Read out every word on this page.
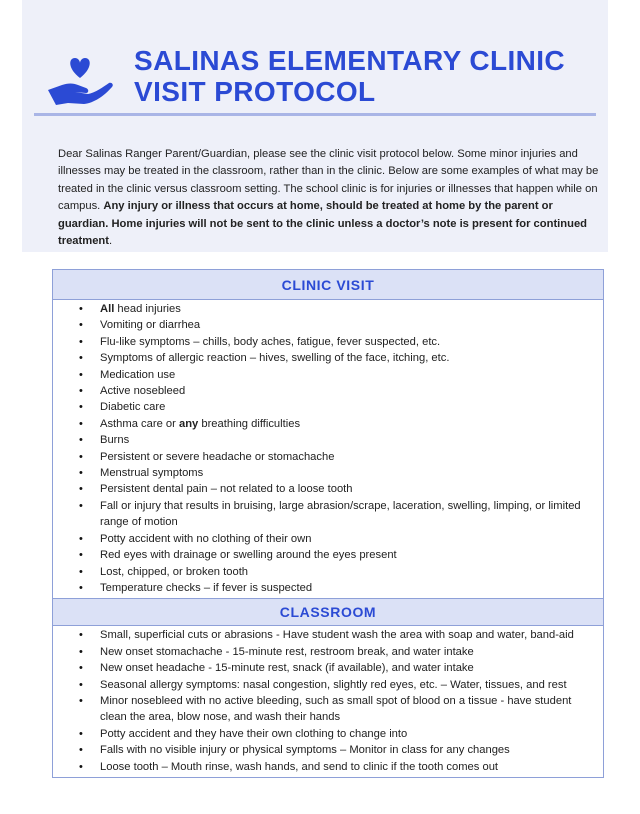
SALINAS ELEMENTARY CLINIC
VISIT PROTOCOL
Dear Salinas Ranger Parent/Guardian, please see the clinic visit protocol below. Some minor injuries and illnesses may be treated in the classroom, rather than in the clinic. Below are some examples of what may be treated in the clinic versus classroom setting. The school clinic is for injuries or illnesses that happen while on campus. Any injury or illness that occurs at home, should be treated at home by the parent or guardian. Home injuries will not be sent to the clinic unless a doctor’s note is present for continued treatment.
CLINIC VISIT
• All head injuries
• Vomiting or diarrhea
• Flu-like symptoms – chills, body aches, fatigue, fever suspected, etc.
• Symptoms of allergic reaction – hives, swelling of the face, itching, etc.
• Medication use
• Active nosebleed
• Diabetic care
• Asthma care or any breathing difficulties
• Burns
• Persistent or severe headache or stomachache
• Menstrual symptoms
• Persistent dental pain – not related to a loose tooth
• Fall or injury that results in bruising, large abrasion/scrape, laceration, swelling, limping, or limited range of motion
• Potty accident with no clothing of their own
• Red eyes with drainage or swelling around the eyes present
• Lost, chipped, or broken tooth
• Temperature checks – if fever is suspected
CLASSROOM
• Small, superficial cuts or abrasions - Have student wash the area with soap and water, band-aid
• New onset stomachache - 15-minute rest, restroom break, and water intake
• New onset headache - 15-minute rest, snack (if available), and water intake
• Seasonal allergy symptoms: nasal congestion, slightly red eyes, etc. – Water, tissues, and rest
• Minor nosebleed with no active bleeding, such as small spot of blood on a tissue - have student clean the area, blow nose, and wash their hands
• Potty accident and they have their own clothing to change into
• Falls with no visible injury or physical symptoms – Monitor in class for any changes
• Loose tooth – Mouth rinse, wash hands, and send to clinic if the tooth comes out
